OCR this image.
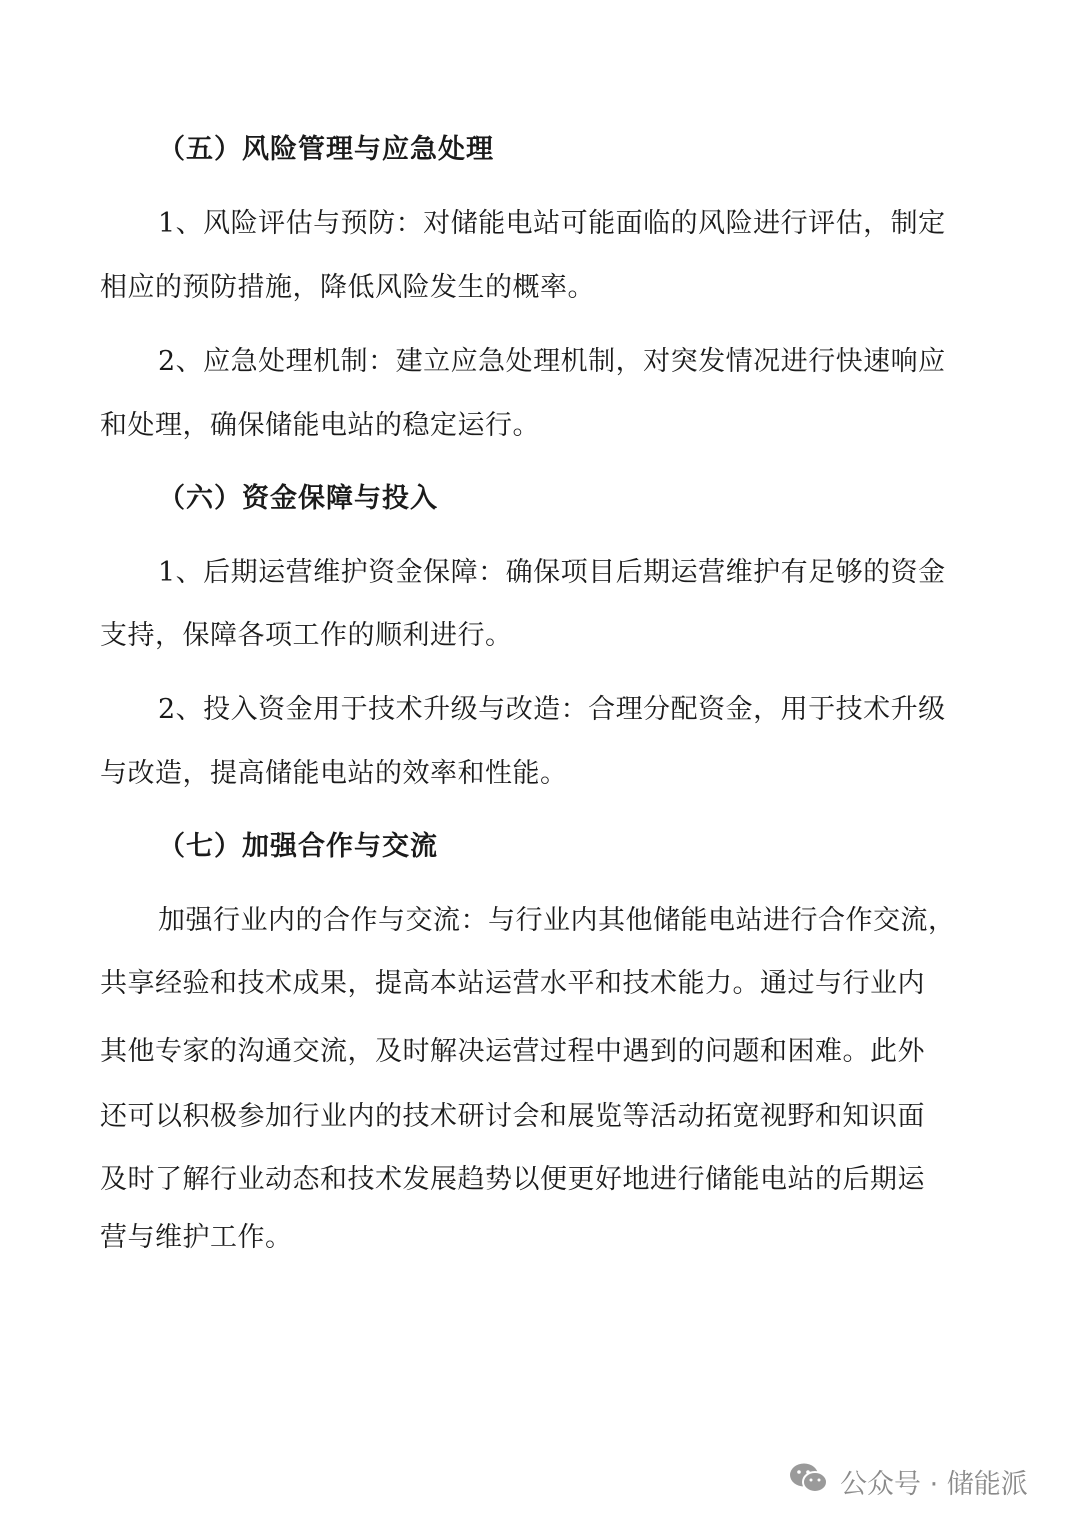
（五）风险管理与应急处理
1、风险评估与预防：对储能电站可能面临的风险进行评估，制定
相应的预防措施，降低风险发生的概率。
2、应急处理机制：建立应急处理机制，对突发情况进行快速响应
和处理，确保储能电站的稳定运行。
（六）资金保障与投入
1、后期运营维护资金保障：确保项目后期运营维护有足够的资金
支持，保障各项工作的顺利进行。
2、投入资金用于技术升级与改造：合理分配资金，用于技术升级
与改造，提高储能电站的效率和性能。
（七）加强合作与交流
加强行业内的合作与交流：与行业内其他储能电站进行合作交流，
共享经验和技术成果，提高本站运营水平和技术能力。通过与行业内
其他专家的沟通交流，及时解决运营过程中遇到的问题和困难。此外
还可以积极参加行业内的技术研讨会和展览等活动拓宽视野和知识面
及时了解行业动态和技术发展趋势以便更好地进行储能电站的后期运
营与维护工作。
公众号 · 储能派
